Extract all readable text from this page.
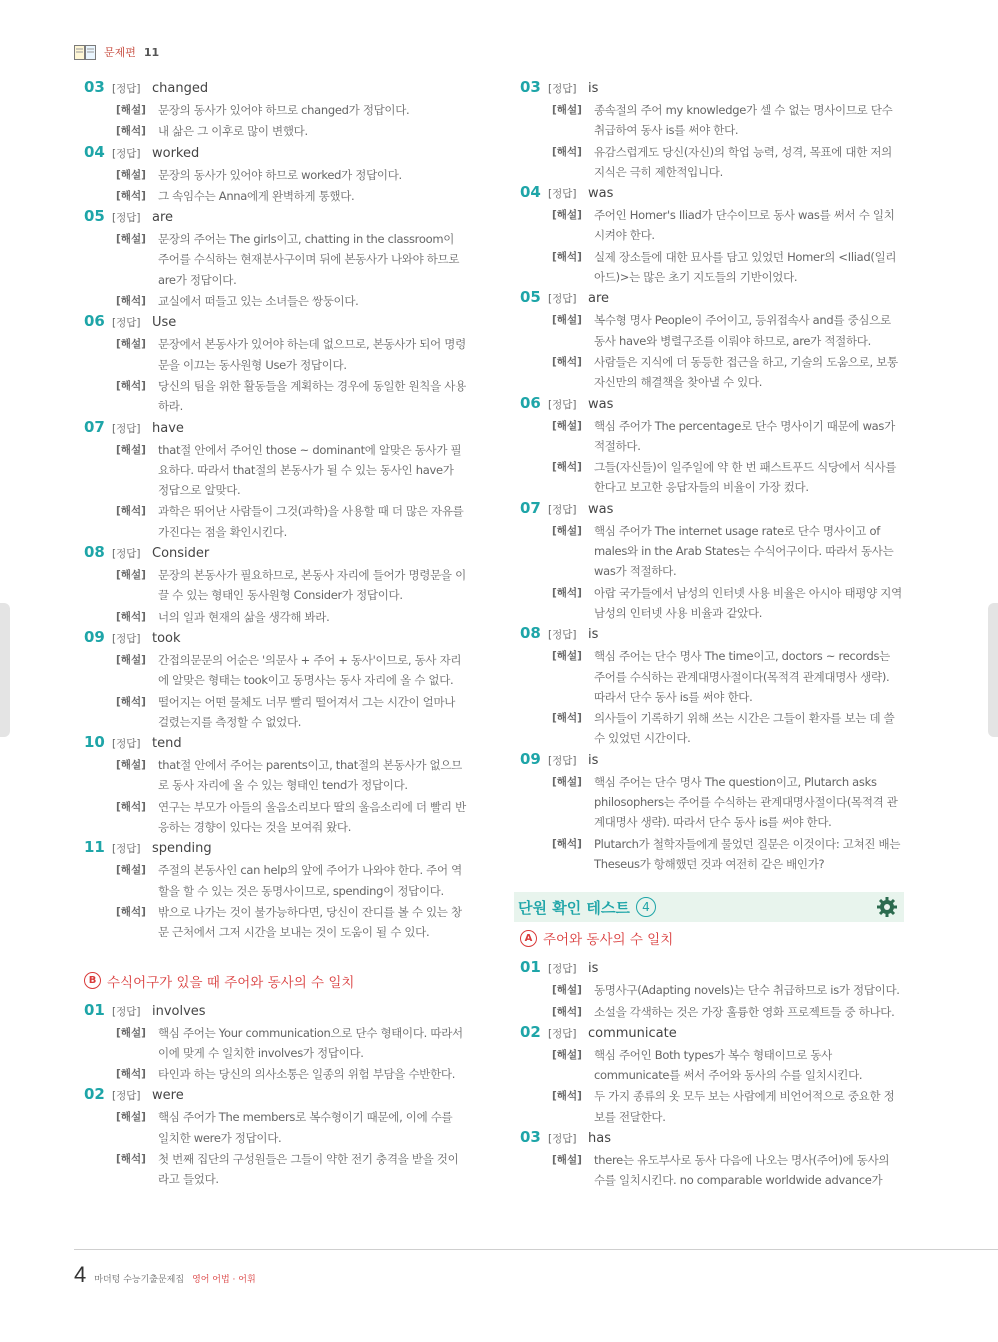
문제편 11
03 [정답] changed
[해설]	문장의 동사가 있어야 하므로 changed가 정답이다.
[해석]	내 삶은 그 이후로 많이 변했다.
04 [정답] worked
[해설]	문장의 동사가 있어야 하므로 worked가 정답이다.
[해석]	그 속임수는 Anna에게 완벽하게 통했다.
05 [정답] are
[해설]	문장의 주어는 The girls이고, chatting in the classroom이 주어를 수식하는 현재분사구이며 뒤에 본동사가 나와야 하므로 are가 정답이다.
[해석]	교실에서 떠들고 있는 소녀들은 쌍둥이다.
06 [정답] Use
[해설]	문장에서 본동사가 있어야 하는데 없으므로, 본동사가 되어 명령문을 이끄는 동사원형 Use가 정답이다.
[해석]	당신의 팀을 위한 활동들을 계획하는 경우에 동일한 원칙을 사용하라.
07 [정답] have
[해설]	that절 안에서 주어인 those ~ dominant에 알맞은 동사가 필요하다. 따라서 that절의 본동사가 될 수 있는 동사인 have가 정답으로 알맞다.
[해석]	과학은 뛰어난 사람들이 그것(과학)을 사용할 때 더 많은 자유를 가진다는 점을 확인시킨다.
08 [정답] Consider
[해설]	문장의 본동사가 필요하므로, 본동사 자리에 들어가 명령문을 이끌 수 있는 형태인 동사원형 Consider가 정답이다.
[해석]	너의 일과 현재의 삶을 생각해 봐라.
09 [정답] took
[해설]	간접의문문의 어순은 '의문사 + 주어 + 동사'이므로, 동사 자리에 알맞은 형태는 took이고 동명사는 동사 자리에 올 수 없다.
[해석]	떨어지는 어떤 물체도 너무 빨리 떨어져서 그는 시간이 얼마나 걸렸는지를 측정할 수 없었다.
10 [정답] tend
[해설]	that절 안에서 주어는 parents이고, that절의 본동사가 없으므로 동사 자리에 올 수 있는 형태인 tend가 정답이다.
[해석]	연구는 부모가 아들의 울음소리보다 딸의 울음소리에 더 빨리 반응하는 경향이 있다는 것을 보여줘 왔다.
11 [정답] spending
[해설]	주절의 본동사인 can help의 앞에 주어가 나와야 한다. 주어 역할을 할 수 있는 것은 동명사이므로, spending이 정답이다.
[해석]	밖으로 나가는 것이 불가능하다면, 당신이 잔디를 볼 수 있는 창문 근처에서 그저 시간을 보내는 것이 도움이 될 수 있다.
B 수식어구가 있을 때 주어와 동사의 수 일치
01 [정답] involves
[해설]	핵심 주어는 Your communication으로 단수 형태이다. 따라서 이에 맞게 수 일치한 involves가 정답이다.
[해석]	타인과 하는 당신의 의사소통은 일종의 위험 부담을 수반한다.
02 [정답] were
[해설]	핵심 주어가 The members로 복수형이기 때문에, 이에 수를 일치한 were가 정답이다.
[해석]	첫 번째 집단의 구성원들은 그들이 약한 전기 충격을 받을 것이라고 들었다.
03 [정답] is
[해설]	종속절의 주어 my knowledge가 셀 수 없는 명사이므로 단수 취급하여 동사 is를 써야 한다.
[해석]	유감스럽게도 당신(자신)의 학업 능력, 성격, 목표에 대한 저의 지식은 극히 제한적입니다.
04 [정답] was
[해설]	주어인 Homer's Iliad가 단수이므로 동사 was를 써서 수 일치시켜야 한다.
[해석]	실제 장소들에 대한 묘사를 담고 있었던 Homer의 <Iliad(일리아드)>는 많은 초기 지도들의 기반이었다.
05 [정답] are
[해설]	복수형 명사 People이 주어이고, 등위접속사 and를 중심으로 동사 have와 병렬구조를 이뤄야 하므로, are가 적절하다.
[해석]	사람들은 지식에 더 동등한 접근을 하고, 기술의 도움으로, 보통 자신만의 해결책을 찾아낼 수 있다.
06 [정답] was
[해설]	핵심 주어가 The percentage로 단수 명사이기 때문에 was가 적절하다.
[해석]	그들(자신들)이 일주일에 약 한 번 패스트푸드 식당에서 식사를 한다고 보고한 응답자들의 비율이 가장 컸다.
07 [정답] was
[해설]	핵심 주어가 The internet usage rate로 단수 명사이고 of males와 in the Arab States는 수식어구이다. 따라서 동사는 was가 적절하다.
[해석]	아랍 국가들에서 남성의 인터넷 사용 비율은 아시아 태평양 지역 남성의 인터넷 사용 비율과 같았다.
08 [정답] is
[해설]	핵심 주어는 단수 명사 The time이고, doctors ~ records는 주어를 수식하는 관계대명사절이다(목적격 관계대명사 생략). 따라서 단수 동사 is를 써야 한다.
[해석]	의사들이 기록하기 위해 쓰는 시간은 그들이 환자를 보는 데 쓸 수 있었던 시간이다.
09 [정답] is
[해설]	핵심 주어는 단수 명사 The question이고, Plutarch asks philosophers는 주어를 수식하는 관계대명사절이다(목적격 관계대명사 생략). 따라서 단수 동사 is를 써야 한다.
[해석]	Plutarch가 철학자들에게 물었던 질문은 이것이다: 고쳐진 배는 Theseus가 항해했던 것과 여전히 같은 배인가?
단원 확인 테스트	4
A 주어와 동사의 수 일치
01 [정답] is
[해설]	동명사구(Adapting novels)는 단수 취급하므로 is가 정답이다.
[해석]	소설을 각색하는 것은 가장 훌륭한 영화 프로젝트들 중 하나다.
02 [정답] communicate
[해설]	핵심 주어인 Both types가 복수 형태이므로 동사 communicate를 써서 주어와 동사의 수를 일치시킨다.
[해석]	두 가지 종류의 옷 모두 보는 사람에게 비언어적으로 중요한 정보를 전달한다.
03 [정답] has
[해설]	there는 유도부사로 동사 다음에 나오는 명사(주어)에 동사의 수를 일치시킨다. no comparable worldwide advance가
4 마더텅 수능기출문제집 영어 어법 · 어휘
